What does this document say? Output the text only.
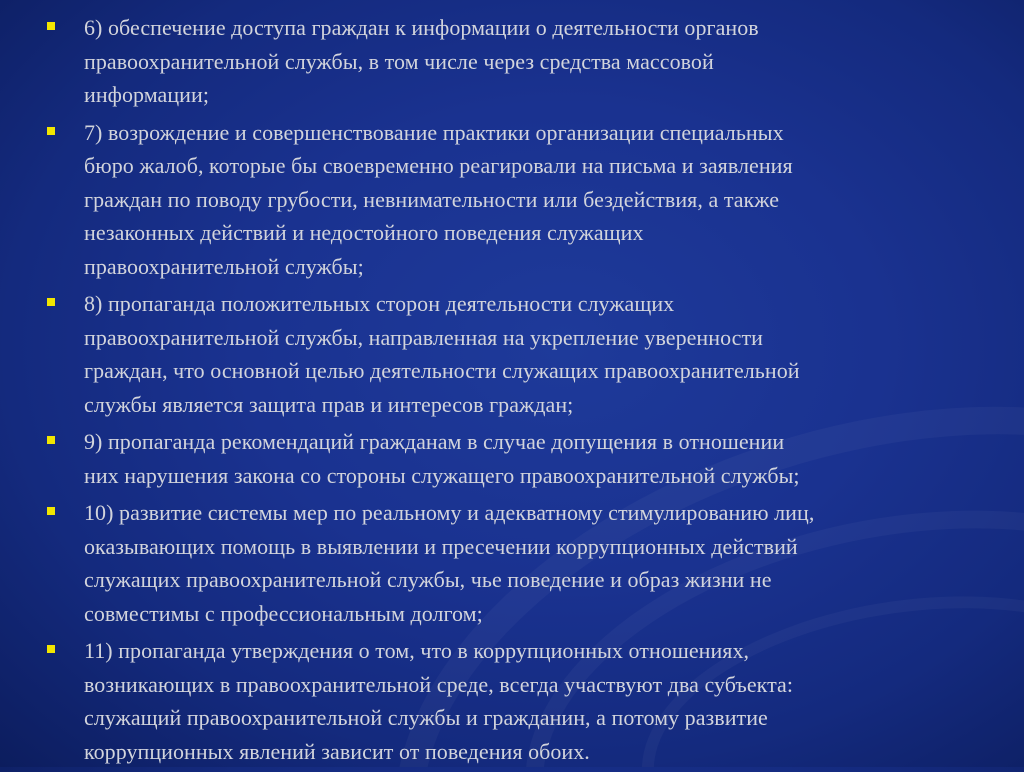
6) обеспечение доступа граждан к информации о деятельности органов
правоохранительной службы, в том числе через средства массовой
информации;
7) возрождение и совершенствование практики организации специальных
бюро жалоб, которые бы своевременно реагировали на письма и заявления
граждан по поводу грубости, невнимательности или бездействия, а также
незаконных действий и недостойного поведения служащих
правоохранительной службы;
8) пропаганда положительных сторон деятельности служащих
правоохранительной службы, направленная на укрепление уверенности
граждан, что основной целью деятельности служащих правоохранительной
службы является защита прав и интересов граждан;
9) пропаганда рекомендаций гражданам в случае допущения в отношении
них нарушения закона со стороны служащего правоохранительной службы;
10) развитие системы мер по реальному и адекватному стимулированию лиц,
оказывающих помощь в выявлении и пресечении коррупционных действий
служащих правоохранительной службы, чье поведение и образ жизни не
совместимы с профессиональным долгом;
11) пропаганда утверждения о том, что в коррупционных отношениях,
возникающих в правоохранительной среде, всегда участвуют два субъекта:
служащий правоохранительной службы и гражданин, а потому развитие
коррупционных явлений зависит от поведения обоих.
